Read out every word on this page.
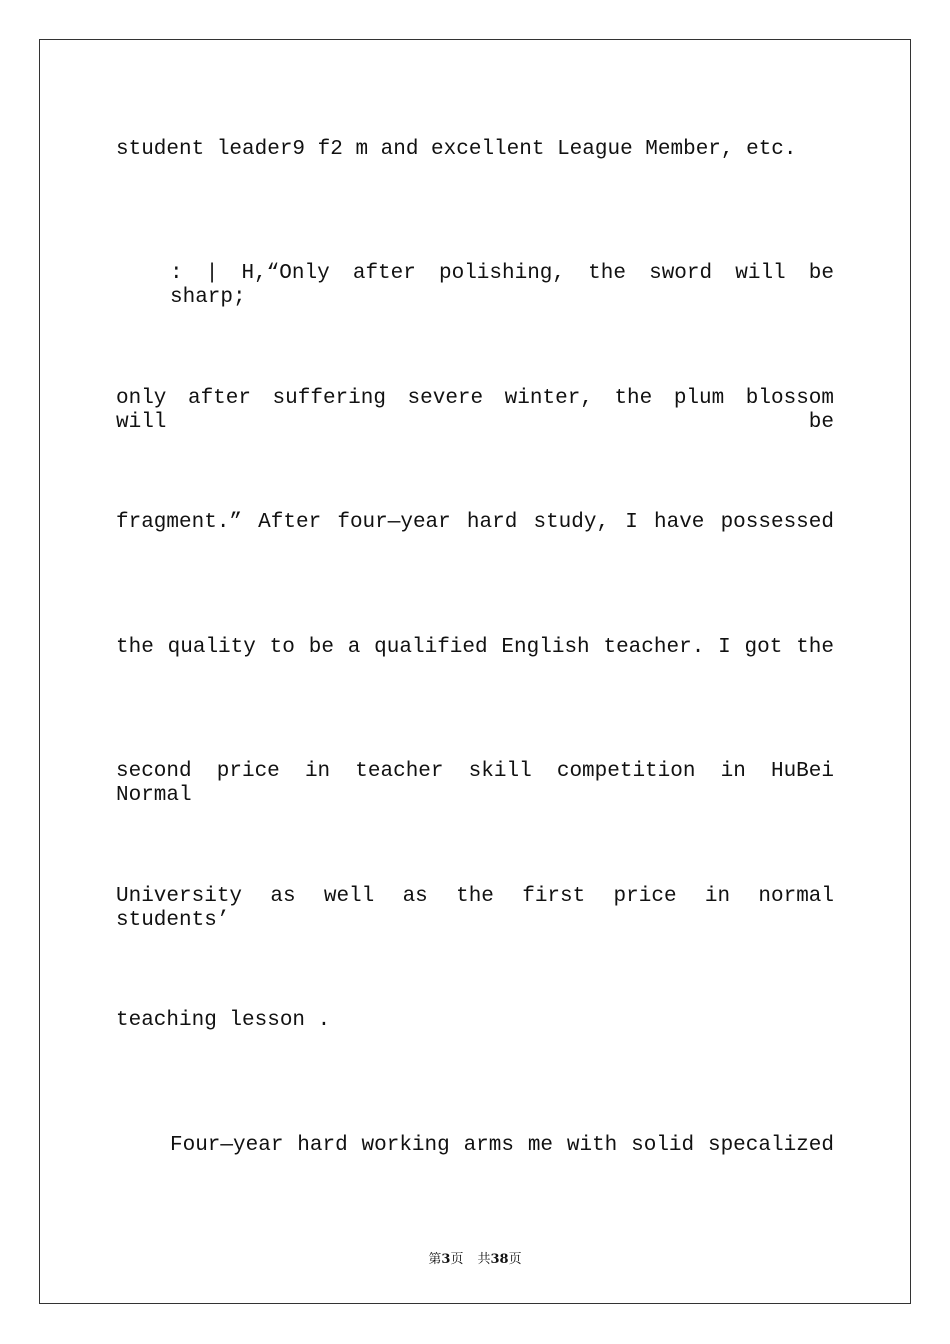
student leader9 f2 m and excellent League Member, etc.
: | H,“Only after polishing, the sword will be sharp;
only after suffering severe winter, the plum blossom will be
fragment.” After four—year hard study, I have possessed
the quality to be a qualified English teacher. I got the
second price in teacher skill competition in HuBei Normal
University as well as the first price in normal students’
teaching lesson .
Four—year hard working arms me with solid specalized
第3页 共38页
